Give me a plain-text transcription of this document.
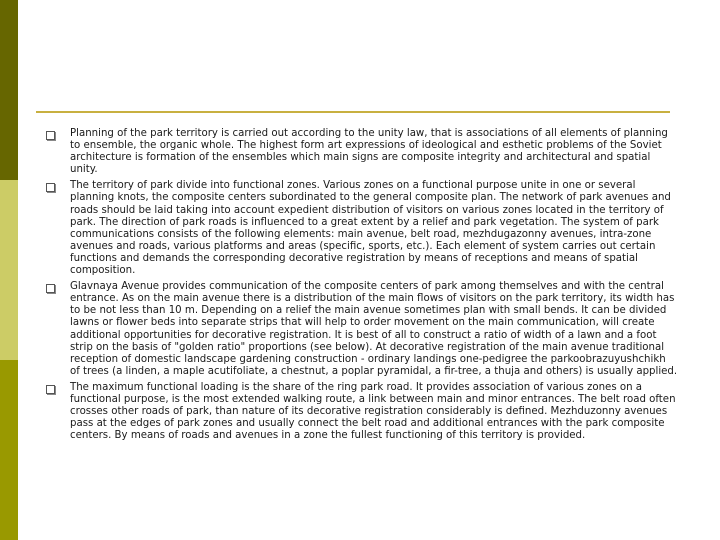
Planning of the park territory is carried out according to the unity law, that is associations of all elements of planning to ensemble, the organic whole. The highest form art expressions of ideological and esthetic problems of the Soviet architecture is formation of the ensembles which main signs are composite integrity and architectural and spatial unity.
The territory of park divide into functional zones. Various zones on a functional purpose unite in one or several planning knots, the composite centers subordinated to the general composite plan. The network of park avenues and roads should be laid taking into account expedient distribution of visitors on various zones located in the territory of park. The direction of park roads is influenced to a great extent by a relief and park vegetation. The system of park communications consists of the following elements: main avenue, belt road, mezhdugazonny avenues, intra-zone avenues and roads, various platforms and areas (specific, sports, etc.). Each element of system carries out certain functions and demands the corresponding decorative registration by means of receptions and means of spatial composition.
Glavnaya Avenue provides communication of the composite centers of park among themselves and with the central entrance. As on the main avenue there is a distribution of the main flows of visitors on the park territory, its width has to be not less than 10 m. Depending on a relief the main avenue sometimes plan with small bends. It can be divided lawns or flower beds into separate strips that will help to order movement on the main communication, will create additional opportunities for decorative registration. It is best of all to construct a ratio of width of a lawn and a foot strip on the basis of "golden ratio" proportions (see below). At decorative registration of the main avenue traditional reception of domestic landscape gardening construction - ordinary landings one-pedigree the parkoobrazuyushchikh of trees (a linden, a maple acutifoliate, a chestnut, a poplar pyramidal, a fir-tree, a thuja and others) is usually applied.
The maximum functional loading is the share of the ring park road. It provides association of various zones on a functional purpose, is the most extended walking route, a link between main and minor entrances. The belt road often crosses other roads of park, than nature of its decorative registration considerably is defined. Mezhduzonny avenues pass at the edges of park zones and usually connect the belt road and additional entrances with the park composite centers. By means of roads and avenues in a zone the fullest functioning of this territory is provided.
